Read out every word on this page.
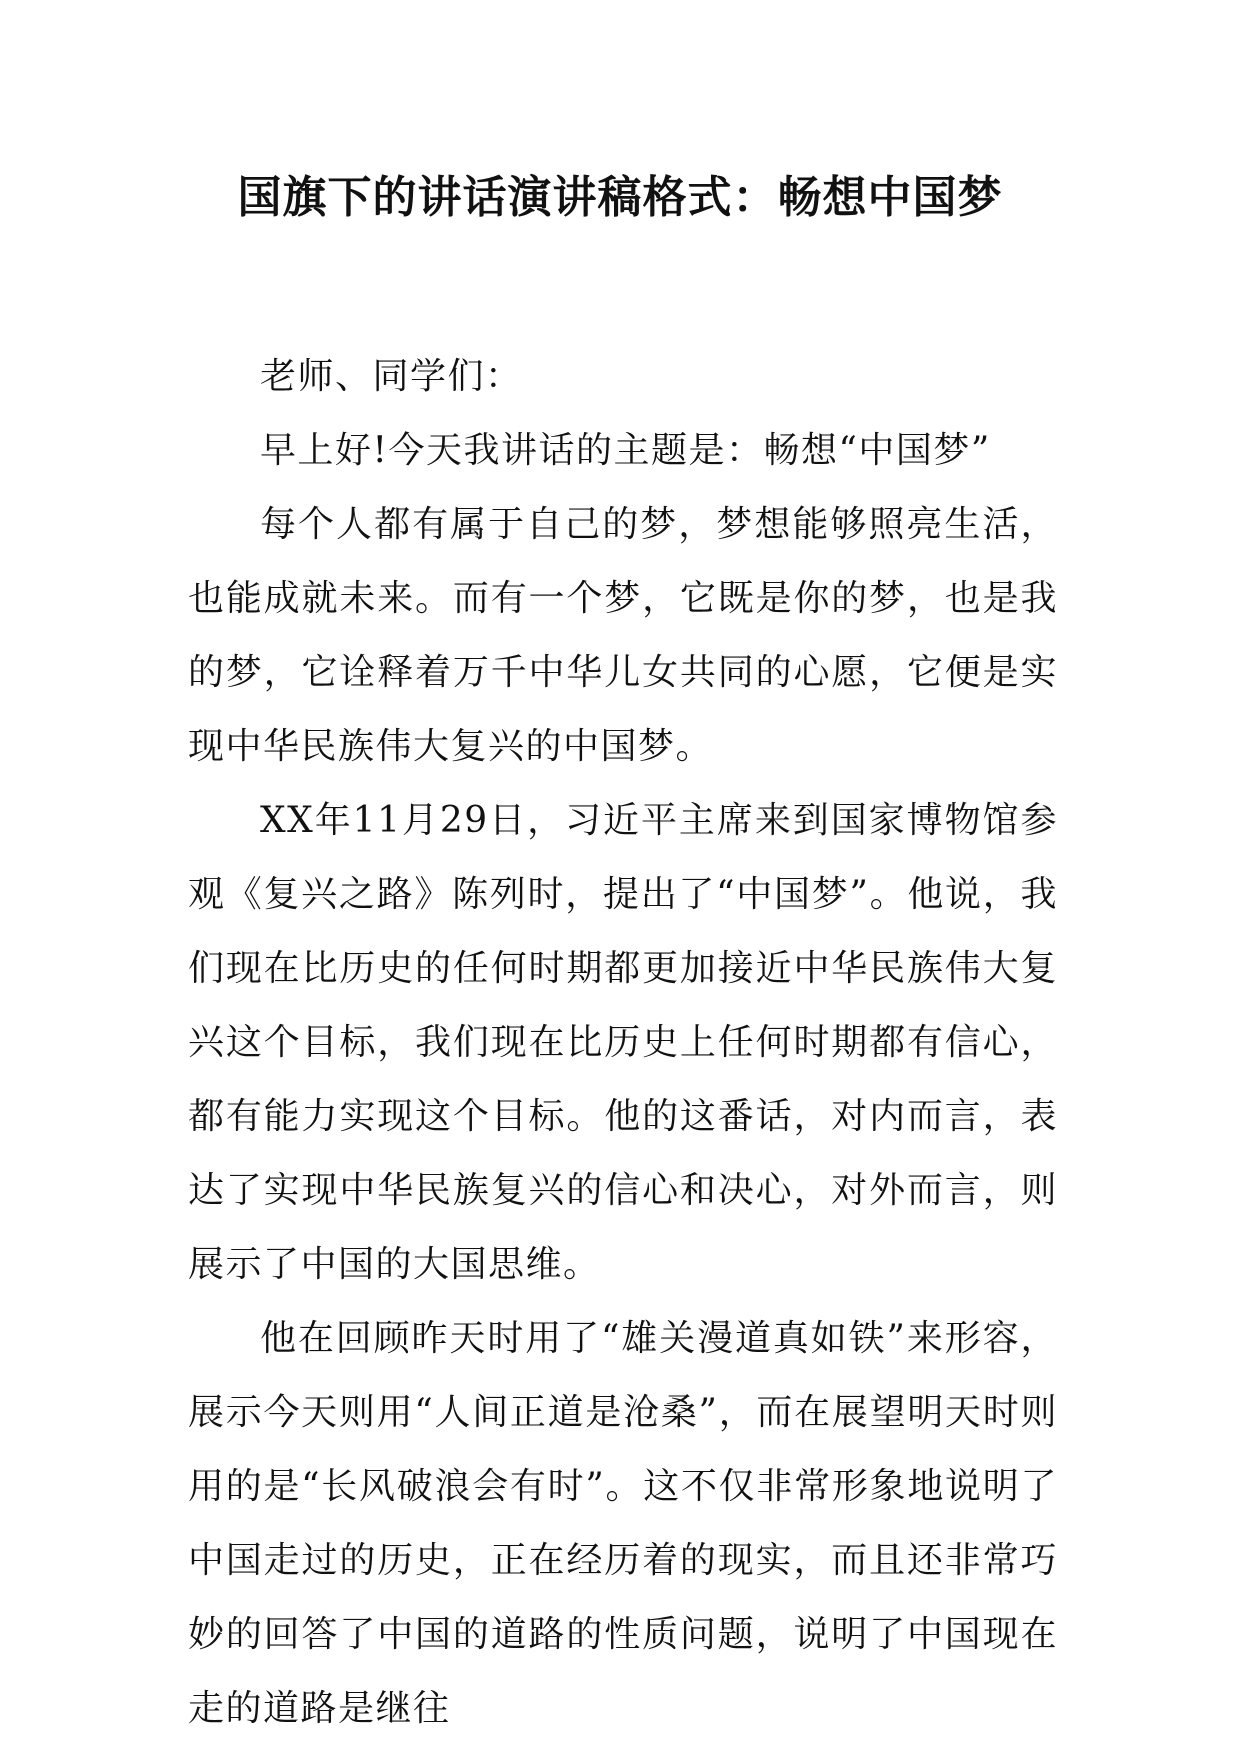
国旗下的讲话演讲稿格式：畅想中国梦

老师、同学们：

早上好!今天我讲话的主题是：畅想“中国梦”

每个人都有属于自己的梦，梦想能够照亮生活，也能成就未来。而有一个梦，它既是你的梦，也是我的梦，它诠释着万千中华儿女共同的心愿，它便是实现中华民族伟大复兴的中国梦。

XX年11月29日，习近平主席来到国家博物馆参观《复兴之路》陈列时，提出了“中国梦”。他说，我们现在比历史的任何时期都更加接近中华民族伟大复兴这个目标，我们现在比历史上任何时期都有信心，都有能力实现这个目标。他的这番话，对内而言，表达了实现中华民族复兴的信心和决心，对外而言，则展示了中国的大国思维。

他在回顾昨天时用了“雄关漫道真如铁”来形容，展示今天则用“人间正道是沧桑”，而在展望明天时则用的是“长风破浪会有时”。这不仅非常形象地说明了中国走过的历史，正在经历着的现实，而且还非常巧妙的回答了中国的道路的性质问题，说明了中国现在走的道路是继往
